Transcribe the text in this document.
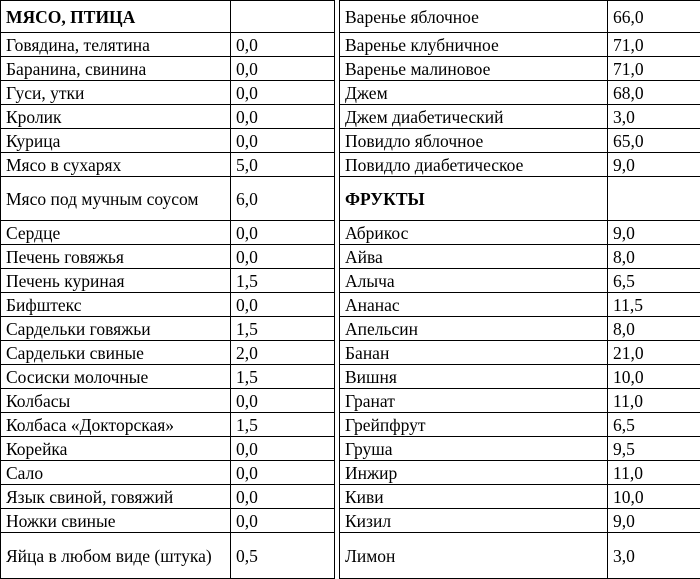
МЯСО, ПТИЦА			Варенье яблочное	66,0
Говядина, телятина	0,0		Варенье клубничное	71,0
Баранина, свинина	0,0		Варенье малиновое	71,0
Гуси, утки	0,0		Джем	68,0
Кролик	0,0		Джем диабетический	3,0
Курица	0,0		Повидло яблочное	65,0
Мясо в сухарях	5,0		Повидло диабетическое	9,0
Мясо под мучным соусом	6,0		ФРУКТЫ	
Сердце	0,0		Абрикос	9,0
Печень говяжья	0,0		Айва	8,0
Печень куриная	1,5		Алыча	6,5
Бифштекс	0,0		Ананас	11,5
Сардельки говяжьи	1,5		Апельсин	8,0
Сардельки свиные	2,0		Банан	21,0
Сосиски молочные	1,5		Вишня	10,0
Колбасы	0,0		Гранат	11,0
Колбаса «Докторская»	1,5		Грейпфрут	6,5
Корейка	0,0		Груша	9,5
Сало	0,0		Инжир	11,0
Язык свиной, говяжий	0,0		Киви	10,0
Ножки свиные	0,0		Кизил	9,0
Яйца в любом виде (штука)	0,5		Лимон	3,0
